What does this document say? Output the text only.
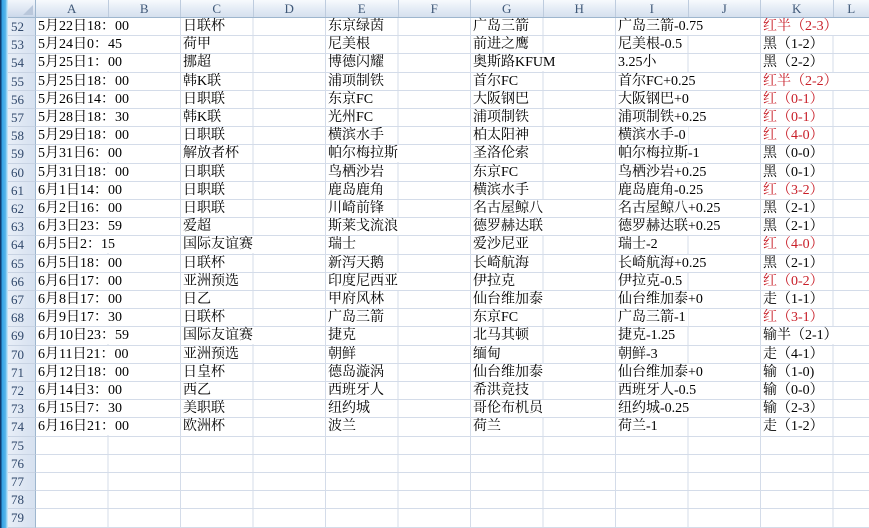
A	B	C	D	E	F	G	H	I	J	K	L
52	5月22日18：00	日联杯	东京绿茵	广岛三箭	广岛三箭-0.75	红半（2-3）
53	5月24日0：45	荷甲	尼美根	前进之鹰	尼美根-0.5	黑（1-2）
54	5月25日1：00	挪超	博德闪耀	奥斯路KFUM	3.25小	黑（2-2）
55	5月25日18：00	韩K联	浦项制铁	首尔FC	首尔FC+0.25	红半（2-2）
56	5月26日14：00	日职联	东京FC	大阪钢巴	大阪钢巴+0	红（0-1）
57	5月28日18：30	韩K联	光州FC	浦项制铁	浦项制铁+0.25	红（0-1）
58	5月29日18：00	日职联	横滨水手	柏太阳神	横滨水手-0	红（4-0）
59	5月31日6：00	解放者杯	帕尔梅拉斯	圣洛伦索	帕尔梅拉斯-1	黑（0-0）
60	5月31日18：00	日职联	鸟栖沙岩	东京FC	鸟栖沙岩+0.25	黑（0-1）
61	6月1日14：00	日职联	鹿岛鹿角	横滨水手	鹿岛鹿角-0.25	红（3-2）
62	6月2日16：00	日职联	川崎前锋	名古屋鲸八	名古屋鲸八+0.25	黑（2-1）
63	6月3日23：59	爱超	斯莱戈流浪	德罗赫达联	德罗赫达联+0.25	黑（2-1）
64	6月5日2：15	国际友谊赛	瑞士	爱沙尼亚	瑞士-2	红（4-0）
65	6月5日18：00	日联杯	新泻天鹅	长崎航海	长崎航海+0.25	黑（2-1）
66	6月6日17：00	亚洲预选	印度尼西亚	伊拉克	伊拉克-0.5	红（0-2）
67	6月8日17：00	日乙	甲府风林	仙台维加泰	仙台维加泰+0	走（1-1）
68	6月9日17：30	日联杯	广岛三箭	东京FC	广岛三箭-1	红（3-1）
69	6月10日23：59	国际友谊赛	捷克	北马其顿	捷克-1.25	输半（2-1）
70	6月11日21：00	亚洲预选	朝鲜	缅甸	朝鲜-3	走（4-1）
71	6月12日18：00	日皇杯	德岛漩涡	仙台维加泰	仙台维加泰+0	输（1-0)
72	6月14日3：00	西乙	西班牙人	希洪竞技	西班牙人-0.5	输（0-0）
73	6月15日7：30	美职联	纽约城	哥伦布机员	纽约城-0.25	输（2-3）
74	6月16日21：00	欧洲杯	波兰	荷兰	荷兰-1	走（1-2）
75
76
77
78
79
